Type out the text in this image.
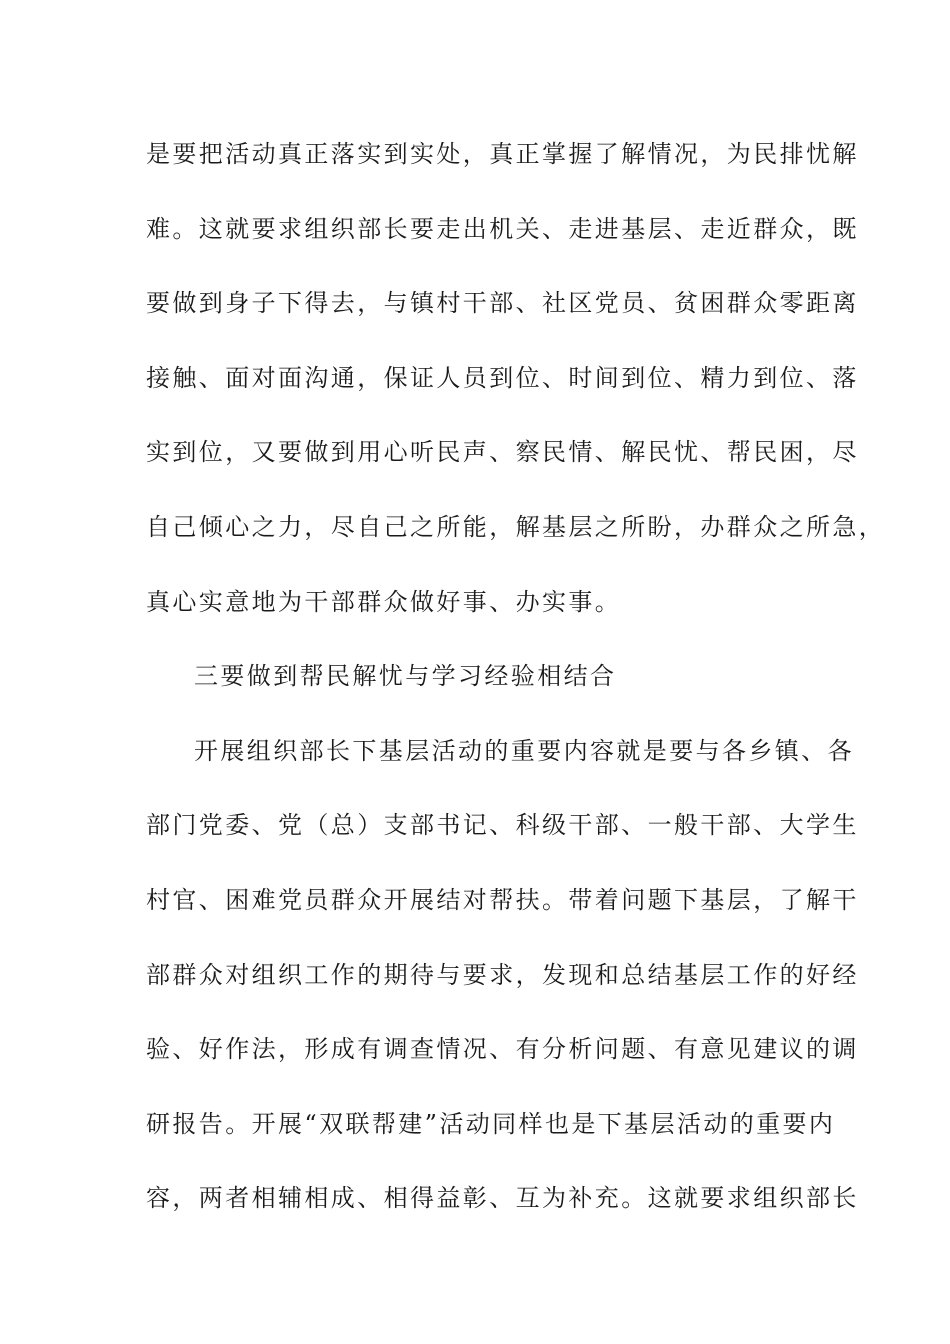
是要把活动真正落实到实处，真正掌握了解情况，为民排忧解
难。这就要求组织部长要走出机关、走进基层、走近群众，既
要做到身子下得去，与镇村干部、社区党员、贫困群众零距离
接触、面对面沟通，保证人员到位、时间到位、精力到位、落
实到位，又要做到用心听民声、察民情、解民忧、帮民困，尽
自己倾心之力，尽自己之所能，解基层之所盼，办群众之所急，
真心实意地为干部群众做好事、办实事。
三要做到帮民解忧与学习经验相结合
开展组织部长下基层活动的重要内容就是要与各乡镇、各
部门党委、党（总）支部书记、科级干部、一般干部、大学生
村官、困难党员群众开展结对帮扶。带着问题下基层，了解干
部群众对组织工作的期待与要求，发现和总结基层工作的好经
验、好作法，形成有调查情况、有分析问题、有意见建议的调
研报告。开展“双联帮建”活动同样也是下基层活动的重要内
容，两者相辅相成、相得益彰、互为补充。这就要求组织部长
